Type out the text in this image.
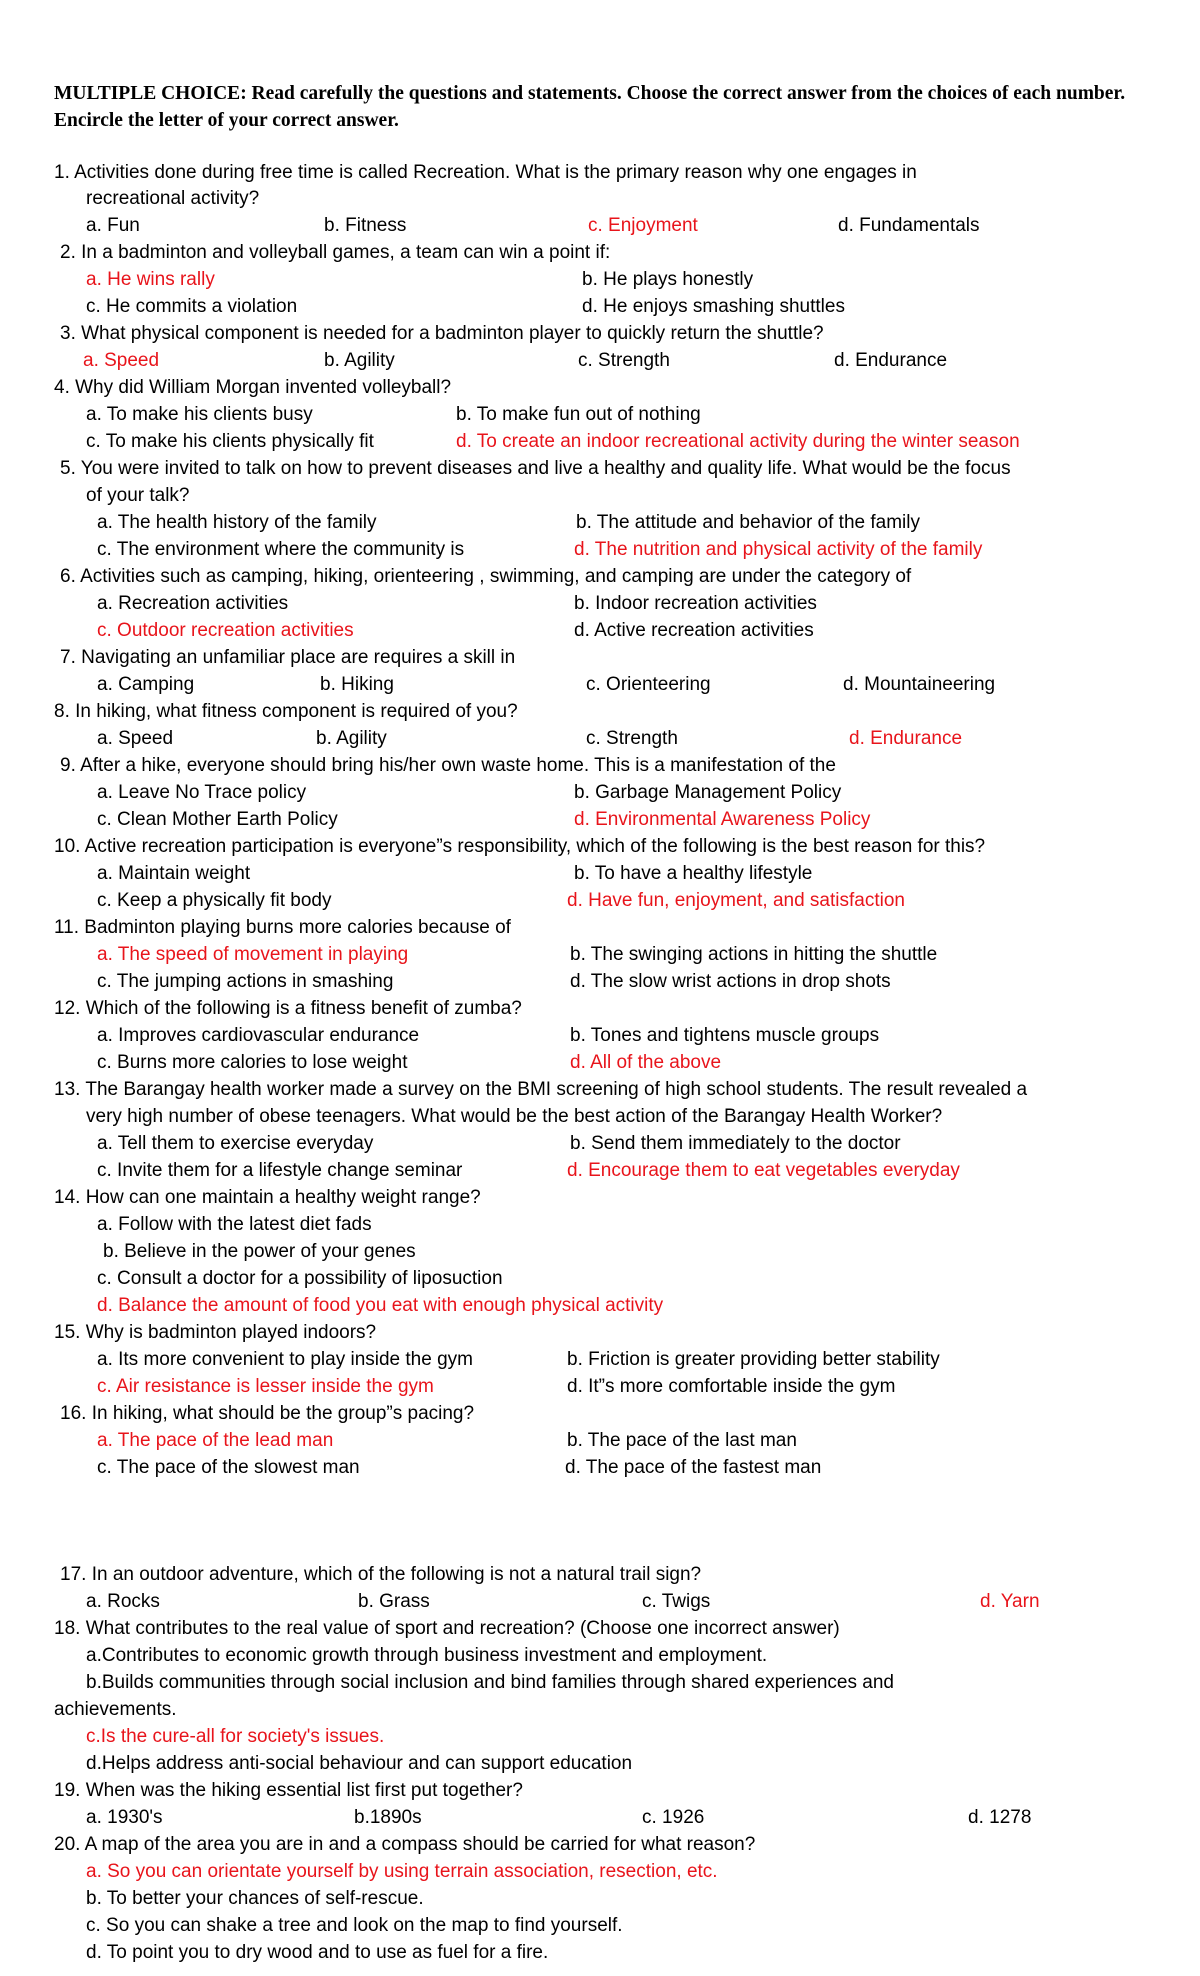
MULTIPLE CHOICE: Read carefully the questions and statements. Choose the correct answer from the choices of each number. Encircle the letter of your correct answer.
1. Activities done during free time is called Recreation. What is the primary reason why one engages in
recreational activity?
a. Fun	b. Fitness	c. Enjoyment	d. Fundamentals
2. In a badminton and volleyball games, a team can win a point if:
a. He wins rally	b. He plays honestly
c. He commits a violation	d. He enjoys smashing shuttles
3. What physical component is needed for a badminton player to quickly return the shuttle?
a. Speed	b. Agility	c. Strength	d. Endurance
4. Why did William Morgan invented volleyball?
a. To make his clients busy	b. To make fun out of nothing
c. To make his clients physically fit	d. To create an indoor recreational activity during the winter season
5. You were invited to talk on how to prevent diseases and live a healthy and quality life. What would be the focus
of your talk?
a. The health history of the family	b. The attitude and behavior of the family
c. The environment where the community is	d. The nutrition and physical activity of the family
6. Activities such as camping, hiking, orienteering , swimming, and camping are under the category of
a. Recreation activities	b. Indoor recreation activities
c. Outdoor recreation activities	d. Active recreation activities
7. Navigating an unfamiliar place are requires a skill in
a. Camping	b. Hiking	c. Orienteering	d. Mountaineering
8. In hiking, what fitness component is required of you?
a. Speed	b. Agility	c. Strength	d. Endurance
9. After a hike, everyone should bring his/her own waste home. This is a manifestation of the
a. Leave No Trace policy	b. Garbage Management Policy
c. Clean Mother Earth Policy	d. Environmental Awareness Policy
10. Active recreation participation is everyone”s responsibility, which of the following is the best reason for this?
a. Maintain weight	b. To have a healthy lifestyle
c. Keep a physically fit body	d. Have fun, enjoyment, and satisfaction
11. Badminton playing burns more calories because of
a. The speed of movement in playing	b. The swinging actions in hitting the shuttle
c. The jumping actions in smashing	d. The slow wrist actions in drop shots
12. Which of the following is a fitness benefit of zumba?
a. Improves cardiovascular endurance	b. Tones and tightens muscle groups
c. Burns more calories to lose weight	d. All of the above
13. The Barangay health worker made a survey on the BMI screening of high school students. The result revealed a
very high number of obese teenagers. What would be the best action of the Barangay Health Worker?
a. Tell them to exercise everyday	b. Send them immediately to the doctor
c. Invite them for a lifestyle change seminar	d. Encourage them to eat vegetables everyday
14. How can one maintain a healthy weight range?
a. Follow with the latest diet fads
b. Believe in the power of your genes
c. Consult a doctor for a possibility of liposuction
d. Balance the amount of food you eat with enough physical activity
15. Why is badminton played indoors?
a. Its more convenient to play inside the gym	b. Friction is greater providing better stability
c. Air resistance is lesser inside the gym	d. It”s more comfortable inside the gym
16. In hiking, what should be the group”s pacing?
a. The pace of the lead man	b. The pace of the last man
c. The pace of the slowest man	d. The pace of the fastest man
17. In an outdoor adventure, which of the following is not a natural trail sign?
a. Rocks	b. Grass	c. Twigs	d. Yarn
18. What contributes to the real value of sport and recreation? (Choose one incorrect answer)
a.Contributes to economic growth through business investment and employment.
b.Builds communities through social inclusion and bind families through shared experiences and
achievements.
c.Is the cure-all for society's issues.
d.Helps address anti-social behaviour and can support education
19. When was the hiking essential list first put together?
a. 1930's	b.1890s	c. 1926	d. 1278
20. A map of the area you are in and a compass should be carried for what reason?
a. So you can orientate yourself by using terrain association, resection, etc.
b. To better your chances of self-rescue.
c. So you can shake a tree and look on the map to find yourself.
d. To point you to dry wood and to use as fuel for a fire.
